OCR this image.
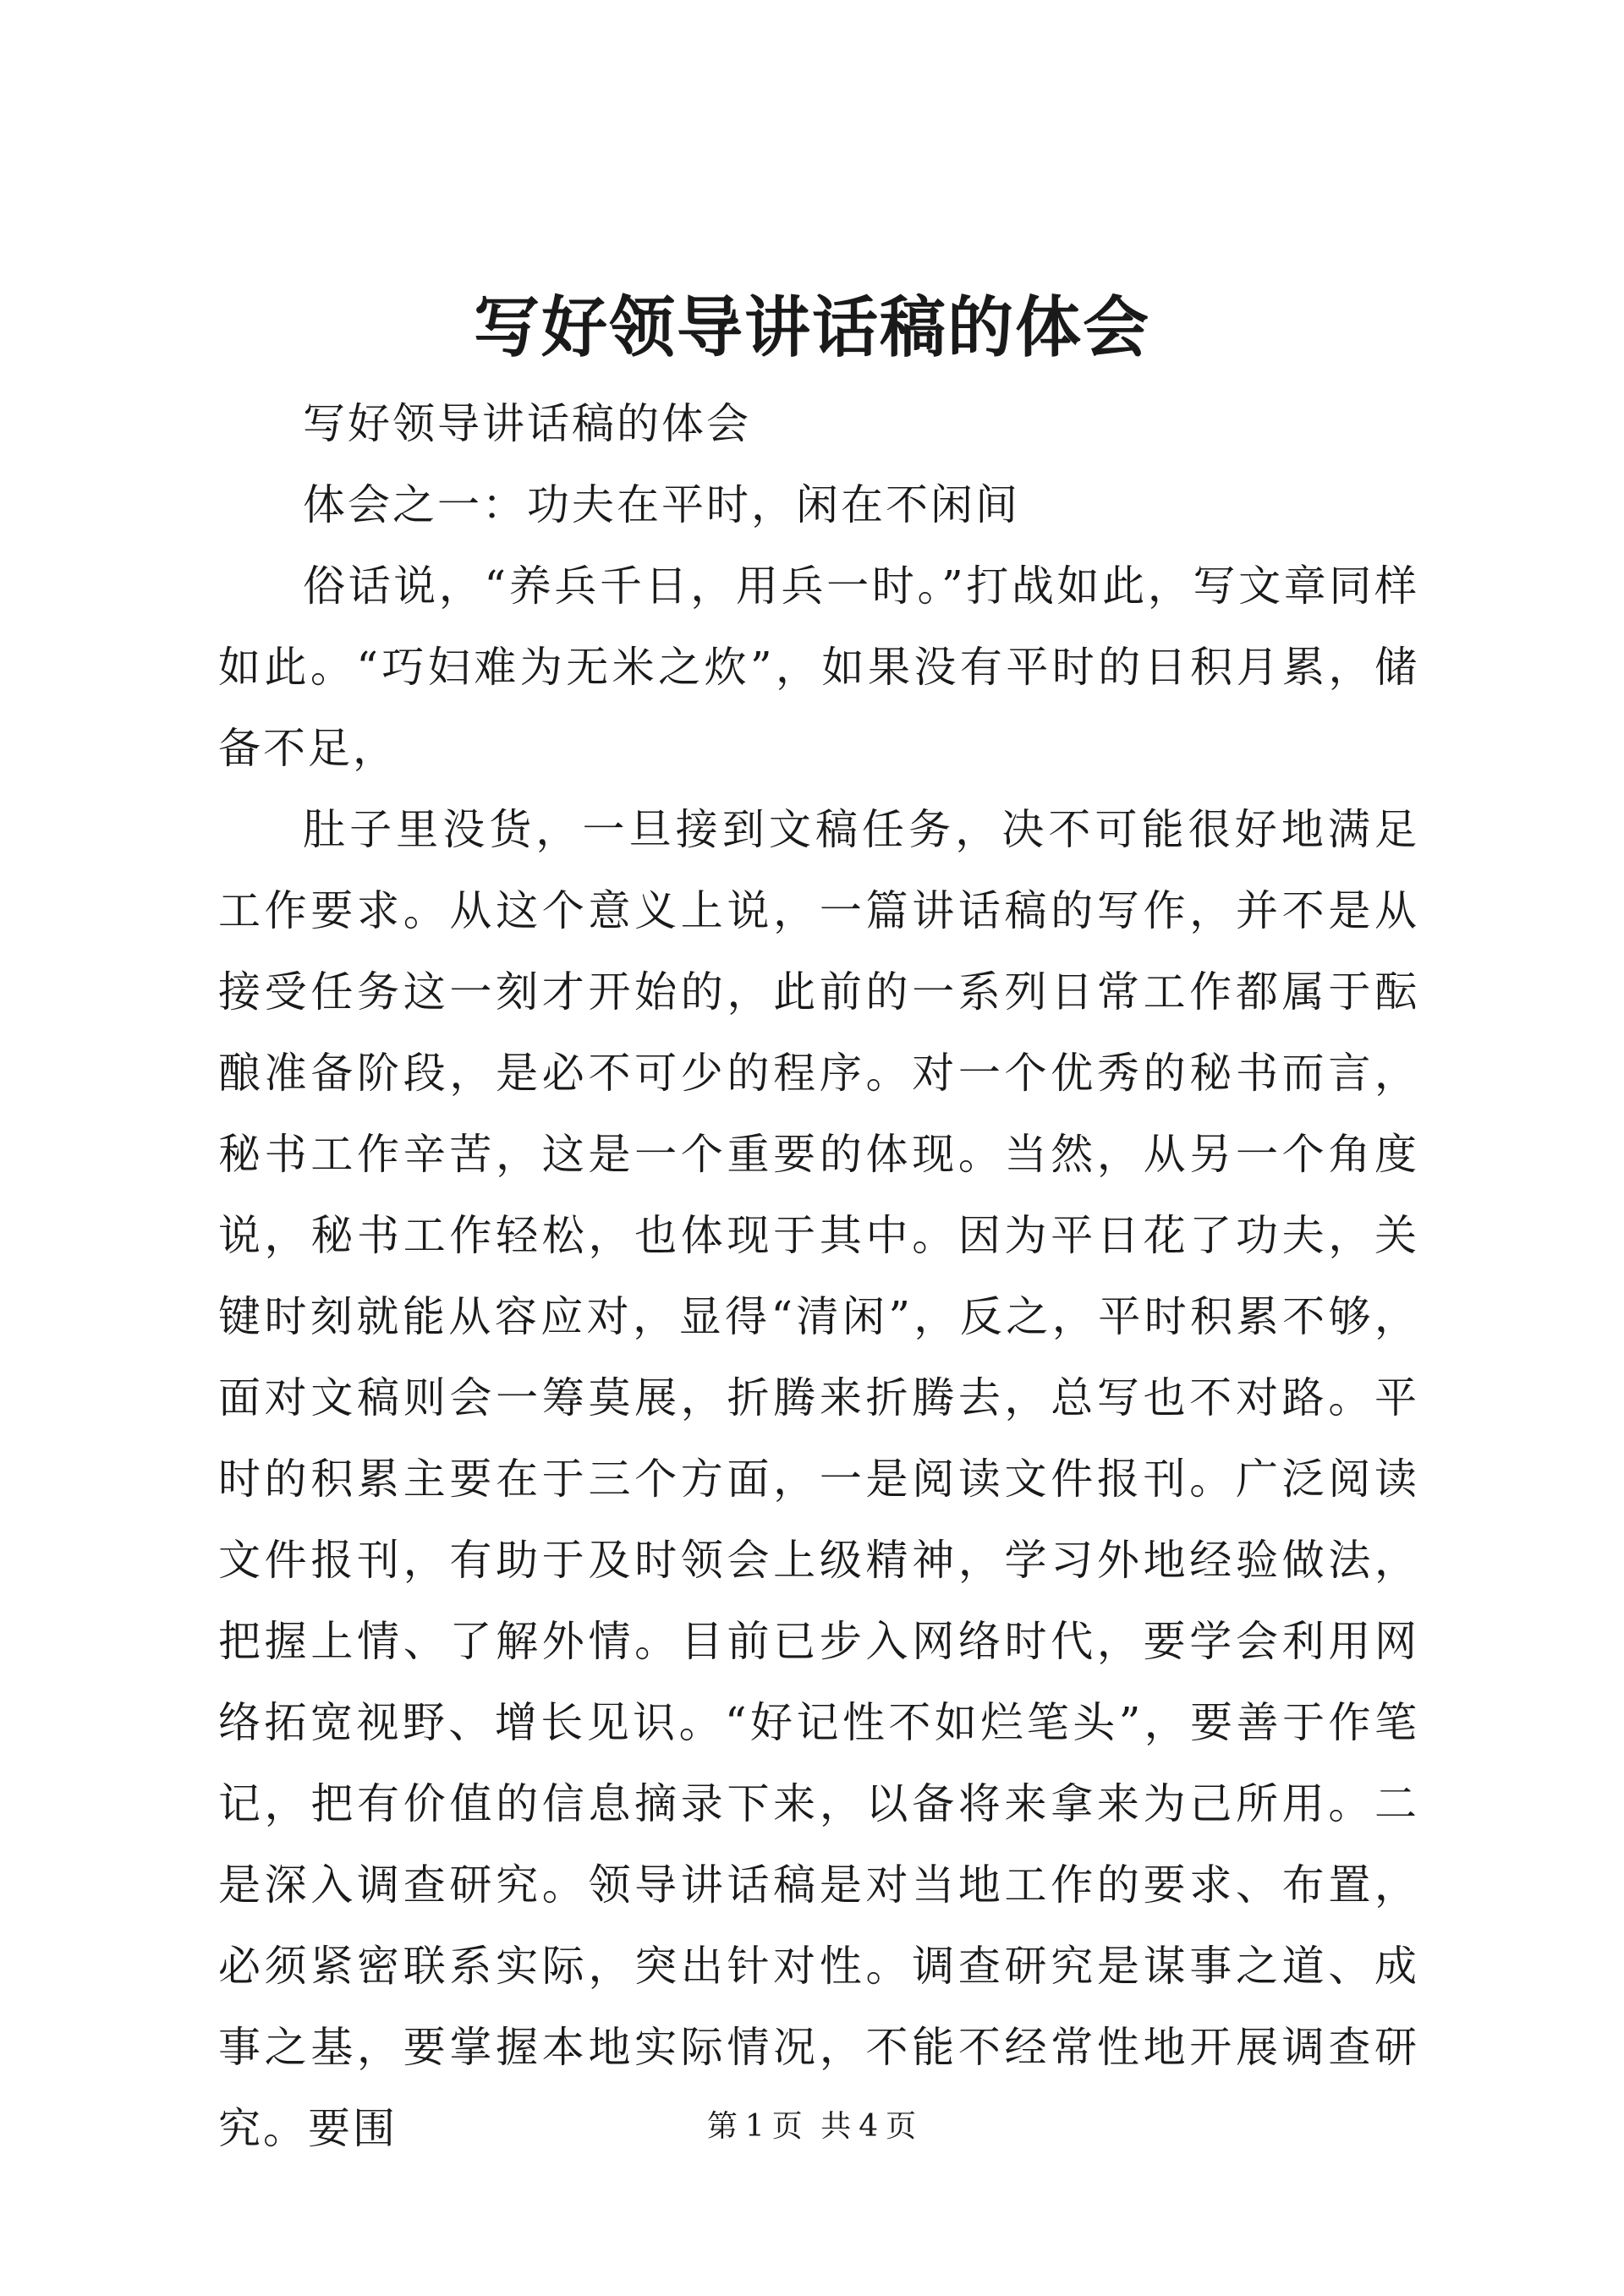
写好领导讲话稿的体会

写好领导讲话稿的体会

体会之一：功夫在平时，闲在不闲间

俗话说，“养兵千日，用兵一时。”打战如此，写文章同样如此。“巧妇难为无米之炊”，如果没有平时的日积月累，储备不足，

肚子里没货，一旦接到文稿任务，决不可能很好地满足工作要求。从这个意义上说，一篇讲话稿的写作，并不是从接受任务这一刻才开始的，此前的一系列日常工作都属于酝酿准备阶段，是必不可少的程序。对一个优秀的秘书而言，秘书工作辛苦，这是一个重要的体现。当然，从另一个角度说，秘书工作轻松，也体现于其中。因为平日花了功夫，关键时刻就能从容应对，显得“清闲”，反之，平时积累不够，面对文稿则会一筹莫展，折腾来折腾去，总写也不对路。平时的积累主要在于三个方面，一是阅读文件报刊。广泛阅读文件报刊，有助于及时领会上级精神，学习外地经验做法，把握上情、了解外情。目前已步入网络时代，要学会利用网络拓宽视野、增长见识。“好记性不如烂笔头”，要善于作笔记，把有价值的信息摘录下来，以备将来拿来为己所用。二是深入调查研究。领导讲话稿是对当地工作的要求、布置，必须紧密联系实际，突出针对性。调查研究是谋事之道、成事之基，要掌握本地实际情况，不能不经常性地开展调查研究。要围	第 1 页 共 4 页
